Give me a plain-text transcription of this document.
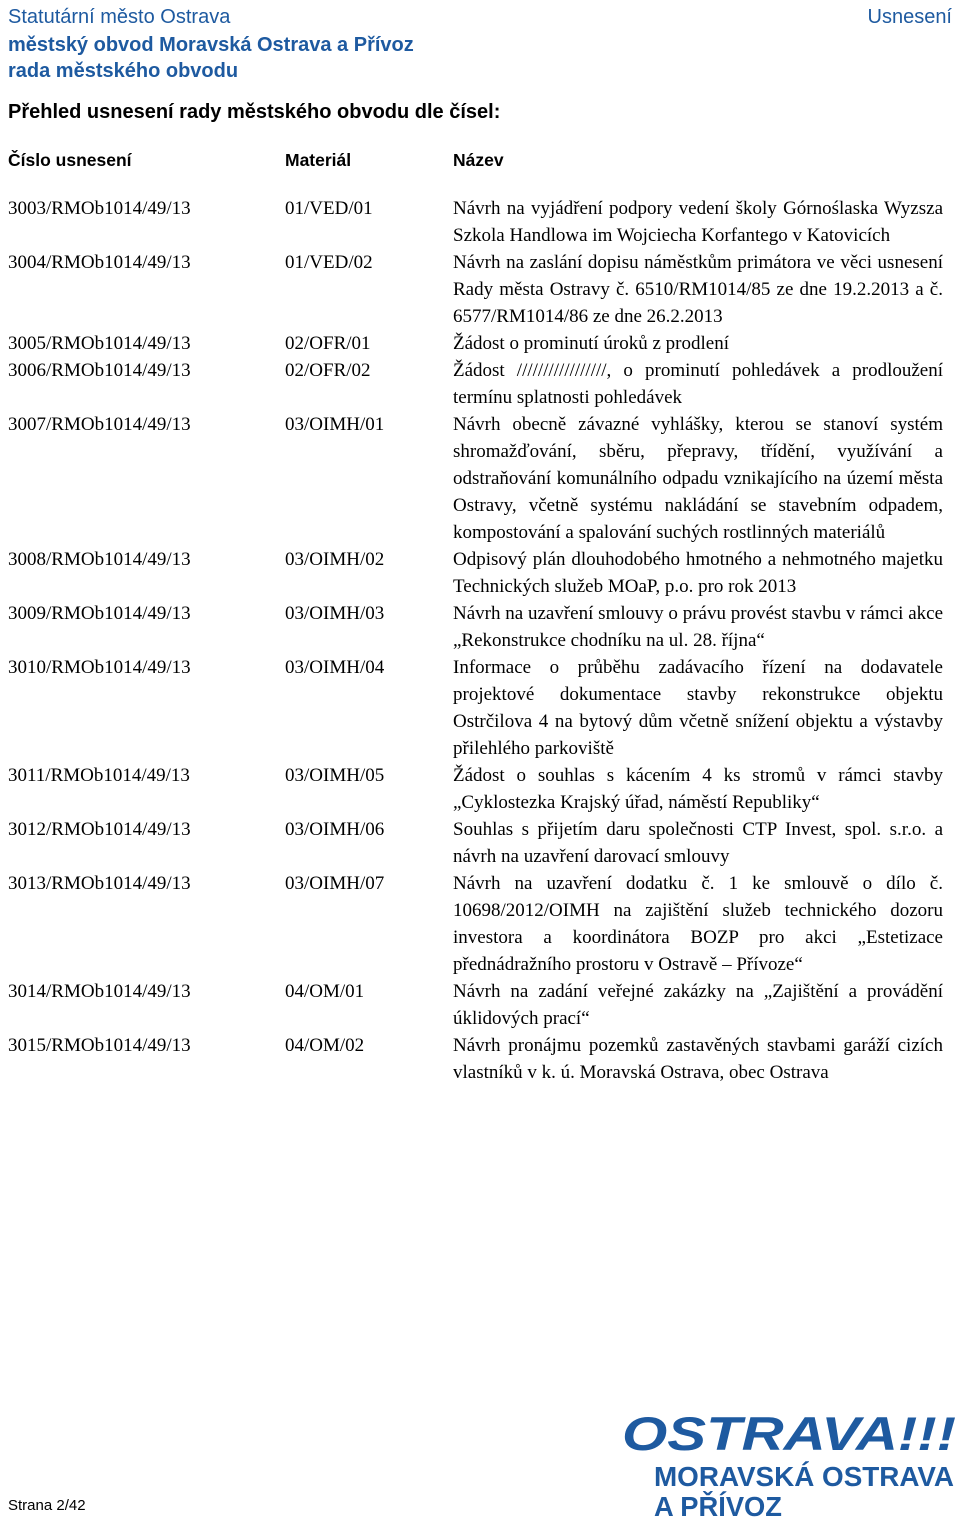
Statutární město Ostrava
městský obvod Moravská Ostrava a Přívoz
rada městského obvodu
Usnesení
Přehled usnesení rady městského obvodu dle čísel:
Číslo usnesení	Materiál	Název
3003/RMOb1014/49/13	01/VED/01	Návrh na vyjádření podpory vedení školy Górnoślaska Wyzsza Szkola Handlowa im Wojciecha Korfantego v Katovicích
3004/RMOb1014/49/13	01/VED/02	Návrh na zaslání dopisu náměstkům primátora ve věci usnesení Rady města Ostravy č. 6510/RM1014/85 ze dne 19.2.2013 a č. 6577/RM1014/86 ze dne 26.2.2013
3005/RMOb1014/49/13	02/OFR/01	Žádost o prominutí úroků z prodlení
3006/RMOb1014/49/13	02/OFR/02	Žádost /////////////////, o prominutí pohledávek a prodloužení termínu splatnosti pohledávek
3007/RMOb1014/49/13	03/OIMH/01	Návrh obecně závazné vyhlášky, kterou se stanoví systém shromažďování, sběru, přepravy, třídění, využívání a odstraňování komunálního odpadu vznikajícího na území města Ostravy, včetně systému nakládání se stavebním odpadem, kompostování a spalování suchých rostlinných materiálů
3008/RMOb1014/49/13	03/OIMH/02	Odpisový plán dlouhodobého hmotného a nehmotného majetku Technických služeb MOaP, p.o. pro rok 2013
3009/RMOb1014/49/13	03/OIMH/03	Návrh na uzavření smlouvy o právu provést stavbu v rámci akce „Rekonstrukce chodníku na ul. 28. října“
3010/RMOb1014/49/13	03/OIMH/04	Informace o průběhu zadávacího řízení na dodavatele projektové dokumentace stavby rekonstrukce objektu Ostrčilova 4 na bytový dům včetně snížení objektu a výstavby přilehlého parkoviště
3011/RMOb1014/49/13	03/OIMH/05	Žádost o souhlas s kácením 4 ks stromů v rámci stavby „Cyklostezka Krajský úřad, náměstí Republiky“
3012/RMOb1014/49/13	03/OIMH/06	Souhlas s přijetím daru společnosti CTP Invest, spol. s.r.o. a návrh na uzavření darovací smlouvy
3013/RMOb1014/49/13	03/OIMH/07	Návrh na uzavření dodatku č. 1 ke smlouvě o dílo č. 10698/2012/OIMH na zajištění služeb technického dozoru investora a koordinátora BOZP pro akci „Estetizace přednádražního prostoru v Ostravě – Přívoze“
3014/RMOb1014/49/13	04/OM/01	Návrh na zadání veřejné zakázky na „Zajištění a provádění úklidových prací“
3015/RMOb1014/49/13	04/OM/02	Návrh pronájmu pozemků zastavěných stavbami garáží cizích vlastníků v k. ú. Moravská Ostrava, obec Ostrava
Strana 2/42
OSTRAVA!!!
MORAVSKÁ OSTRAVA
A PŘÍVOZ
